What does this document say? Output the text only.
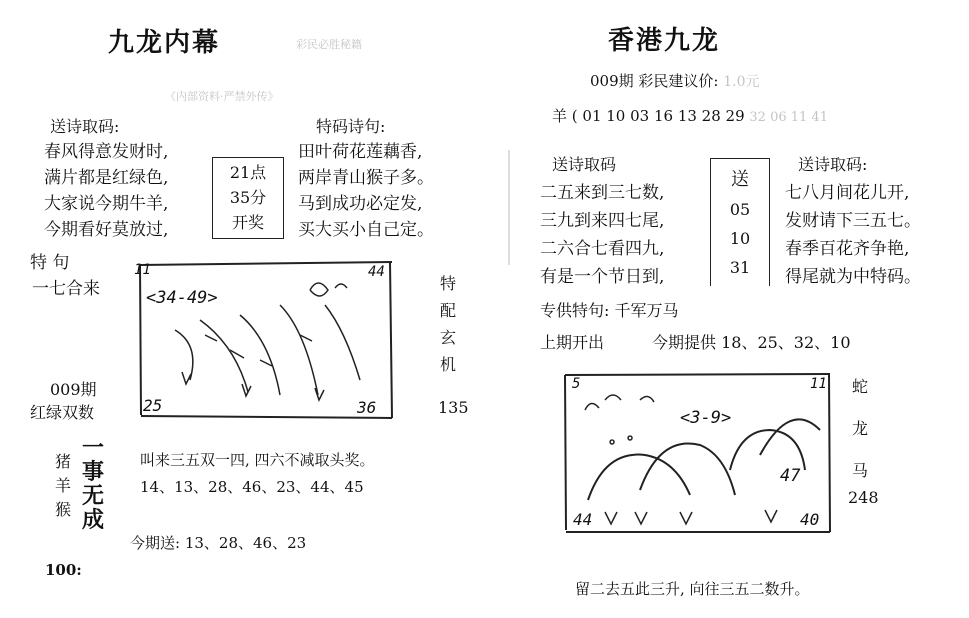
九龙内幕	彩民必胜秘籍
《内部资料·严禁外传》
送诗取码:
春风得意发财时,
满片都是红绿色,
大家说今期牛羊,
今期看好莫放过,
21点
35分
开奖
特码诗句:
田叶荷花莲藕香,
两岸青山猴子多。
马到成功必定发,
买大买小自己定。
特 句
一七合来
009期
红绿双数
11	44
<34-49>
25	36
特
配
玄
机
135
猪
羊
猴
一
事
无
成
叫来三五双一四, 四六不减取头奖。
14、13、28、46、23、44、45
今期送: 13、28、46、23
100:
香港九龙
009期 彩民建议价: 1.0元
羊 ( 01 10 03 16 13 28 29 32 06 11 41
送诗取码
二五来到三七数,
三九到来四七尾,
二六合七看四九,
有是一个节日到,
送
05
10
31
送诗取码:
七八月间花儿开,
发财请下三五七。
春季百花齐争艳,
得尾就为中特码。
专供特句: 千军万马
上期开出	今期提供 18、25、32、10
5	11
<3-9>
47
44	40
蛇
龙
马
248
留二去五此三升, 向往三五二数升。
